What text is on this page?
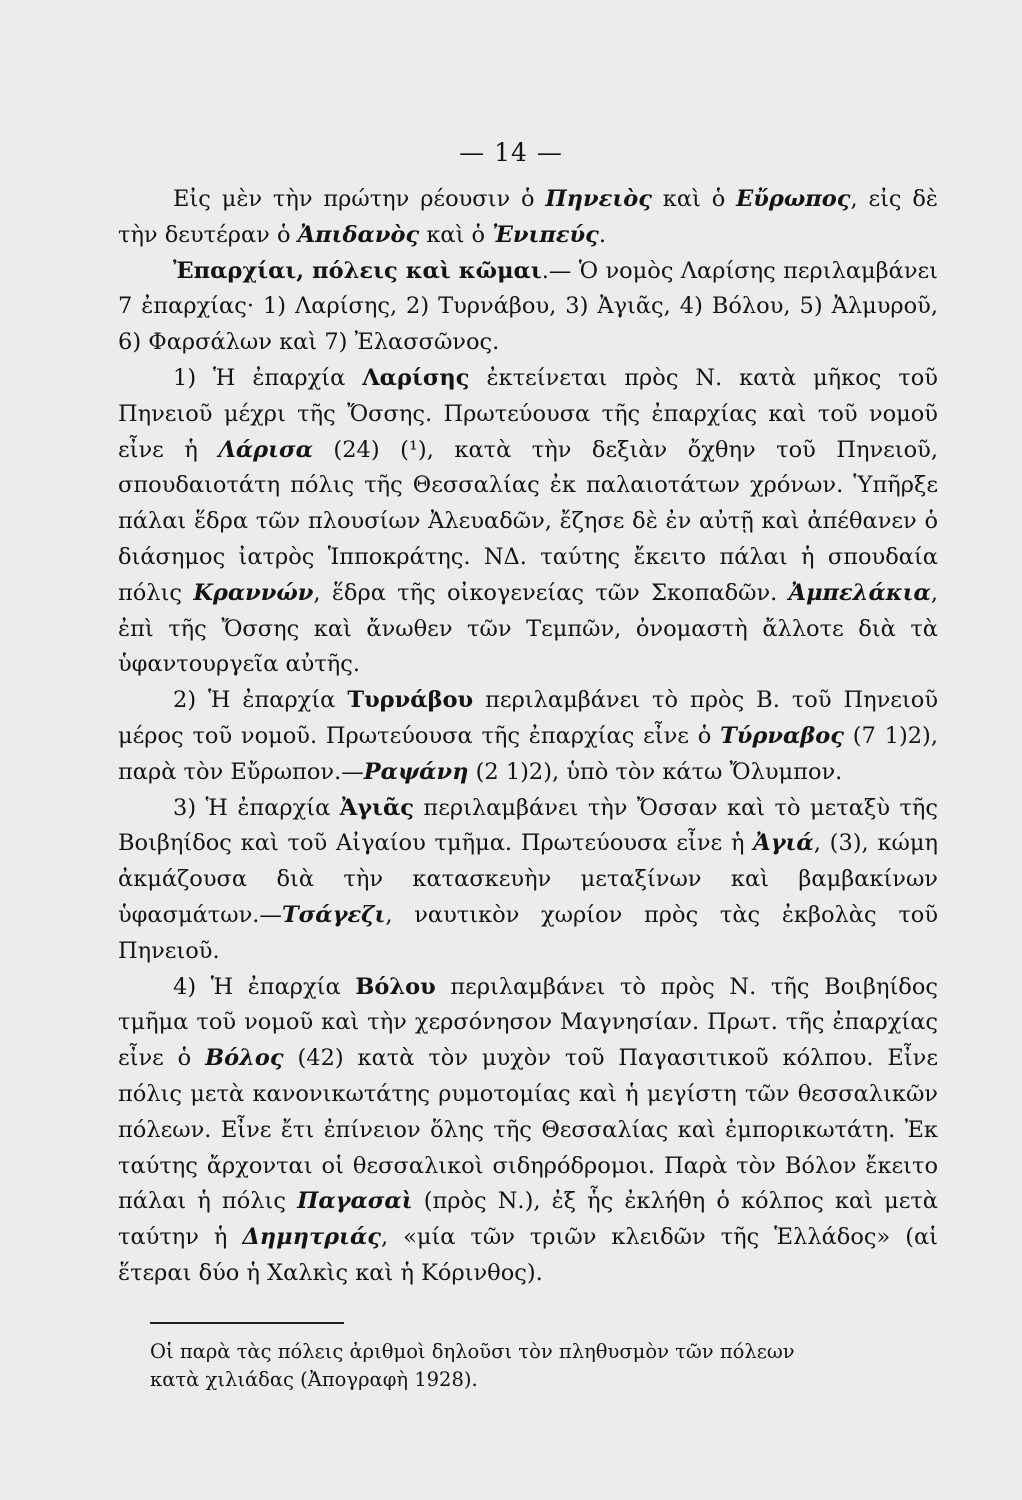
— 14 —

Εἰς μὲν τὴν πρώτην ρέουσιν ὁ Πηνειὸς καὶ ὁ Εὔρωπος, εἰς δὲ τὴν δευτέραν ὁ Ἀπιδανὸς καὶ ὁ Ἐνιπεύς.

Ἐπαρχίαι, πόλεις καὶ κῶμαι.— Ὁ νομὸς Λαρίσης περιλαμβάνει 7 ἐπαρχίας· 1) Λαρίσης, 2) Τυρνάβου, 3) Ἀγιᾶς, 4) Βόλου, 5) Ἀλμυροῦ, 6) Φαρσάλων καὶ 7) Ἐλασσῶνος.

1) Ἡ ἐπαρχία Λαρίσης ἐκτείνεται πρὸς Ν. κατὰ μῆκος τοῦ Πηνειοῦ μέχρι τῆς Ὄσσης. Πρωτεύουσα τῆς ἐπαρχίας καὶ τοῦ νομοῦ εἶνε ἡ Λάρισα (24) (¹), κατὰ τὴν δεξιὰν ὄχθην τοῦ Πηνειοῦ, σπουδαιοτάτη πόλις τῆς Θεσσαλίας ἐκ παλαιοτάτων χρόνων. Ὑπῆρξε πάλαι ἕδρα τῶν πλουσίων Ἀλευαδῶν, ἔζησε δὲ ἐν αὐτῇ καὶ ἀπέθανεν ὁ διάσημος ἰατρὸς Ἱπποκράτης. ΝΔ. ταύτης ἔκειτο πάλαι ἡ σπουδαία πόλις Κραννών, ἕδρα τῆς οἰκογενείας τῶν Σκοπαδῶν. Ἀμπελάκια, ἐπὶ τῆς Ὄσσης καὶ ἄνωθεν τῶν Τεμπῶν, ὀνομαστὴ ἄλλοτε διὰ τὰ ὑφαντουργεῖα αὐτῆς.

2) Ἡ ἐπαρχία Τυρνάβου περιλαμβάνει τὸ πρὸς Β. τοῦ Πηνειοῦ μέρος τοῦ νομοῦ. Πρωτεύουσα τῆς ἐπαρχίας εἶνε ὁ Τύρναβος (7 1)2), παρὰ τὸν Εὔρωπον.—Ραψάνη (2 1)2), ὑπὸ τὸν κάτω Ὄλυμπον.

3) Ἡ ἐπαρχία Ἀγιᾶς περιλαμβάνει τὴν Ὄσσαν καὶ τὸ μεταξὺ τῆς Βοιβηίδος καὶ τοῦ Αἰγαίου τμῆμα. Πρωτεύουσα εἶνε ἡ Ἀγιά, (3), κώμη ἀκμάζουσα διὰ τὴν κατασκευὴν μεταξίνων καὶ βαμβακίνων ὑφασμάτων.—Τσάγεζι, ναυτικὸν χωρίον πρὸς τὰς ἐκβολὰς τοῦ Πηνειοῦ.

4) Ἡ ἐπαρχία Βόλου περιλαμβάνει τὸ πρὸς Ν. τῆς Βοιβηίδος τμῆμα τοῦ νομοῦ καὶ τὴν χερσόνησον Μαγνησίαν. Πρωτ. τῆς ἐπαρχίας εἶνε ὁ Βόλος (42) κατὰ τὸν μυχὸν τοῦ Παγασιτικοῦ κόλπου. Εἶνε πόλις μετὰ κανονικωτάτης ρυμοτομίας καὶ ἡ μεγίστη τῶν θεσσαλικῶν πόλεων. Εἶνε ἔτι ἐπίνειον ὅλης τῆς Θεσσαλίας καὶ ἐμπορικωτάτη. Ἐκ ταύτης ἄρχονται οἱ θεσσαλικοὶ σιδηρόδρομοι. Παρὰ τὸν Βόλον ἔκειτο πάλαι ἡ πόλις Παγασαὶ (πρὸς Ν.), ἐξ ἧς ἐκλήθη ὁ κόλπος καὶ μετὰ ταύτην ἡ Δημητριάς, «μία τῶν τριῶν κλειδῶν τῆς Ἑλλάδος» (αἱ ἕτεραι δύο ἡ Χαλκὶς καὶ ἡ Κόρινθος).

Οἱ παρὰ τὰς πόλεις ἀριθμοὶ δηλοῦσι τὸν πληθυσμὸν τῶν πόλεων

κατὰ χιλιάδας (Ἀπογραφὴ 1928).
